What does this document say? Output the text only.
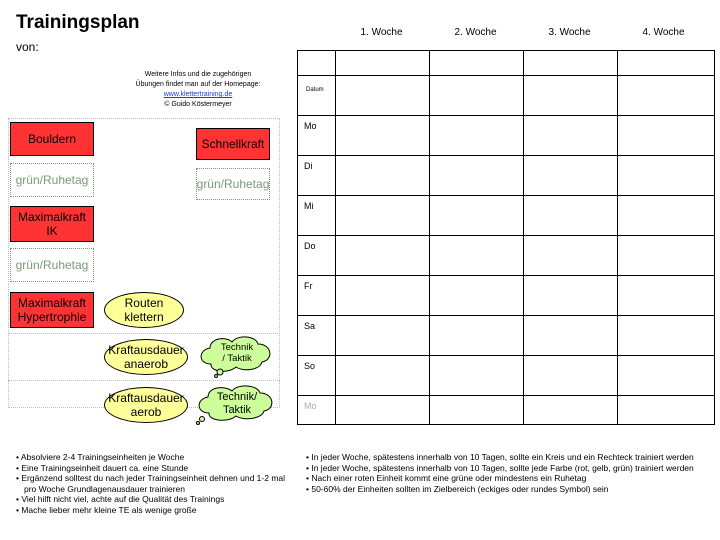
Trainingsplan
von:
Weitere Infos und die zugehörigen
Übungen findet man auf der Homepage:
www.klettertraining.de
© Guido Köstermeyer
1. Woche	2. Woche	3. Woche	4. Woche
Datum
Mo
Di
Mi
Do
Fr
Sa
So
Mo
Bouldern	Schnellkraft
grün/Ruhetag	grün/Ruhetag
Maximalkraft
IK
grün/Ruhetag
Maximalkraft
Hypertrophie
Routen
klettern
Kraftausdauer
anaerob
Technik
/ Taktik
Kraftausdauer
aerob
Technik/
Taktik
• Absolviere 2-4 Trainingseinheiten je Woche
• Eine Trainingseinheit dauert ca. eine Stunde
• Ergänzend solltest du nach jeder Trainingseinheit dehnen und 1-2 mal pro Woche Grundlagenausdauer trainieren
• Viel hilft nicht viel, achte auf die Qualität des Trainings
• Mache lieber mehr kleine TE als wenige große
• In jeder Woche, spätestens innerhalb von 10 Tagen, sollte ein Kreis und ein Rechteck trainiert werden
• In jeder Woche, spätestens innerhalb von 10 Tagen, sollte jede Farbe (rot, gelb, grün) trainiert werden
• Nach einer roten Einheit kommt eine grüne oder mindestens ein Ruhetag
• 50-60% der Einheiten sollten im Zielbereich (eckiges oder rundes Symbol) sein
